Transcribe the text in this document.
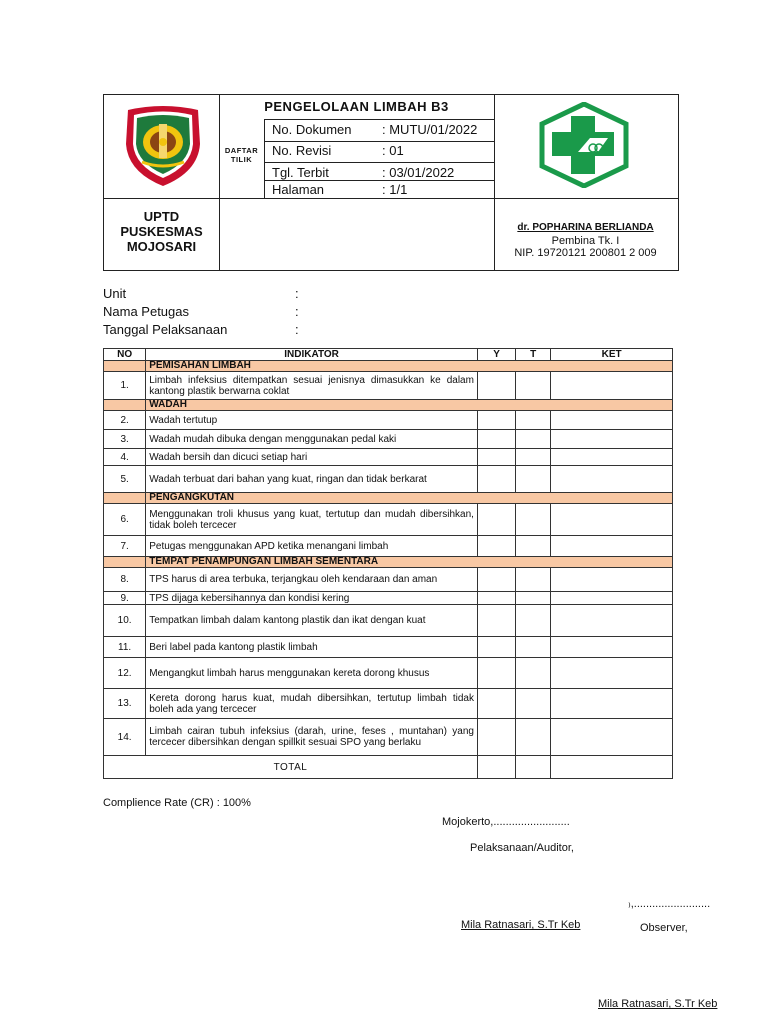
PENGELOLAAN LIMBAH B3
DAFTAR
TILIK
No. Dokumen : MUTU/01/2022
No. Revisi	: 01
Tgl. Terbit	: 03/01/2022
Halaman	: 1/1
UPTD
PUSKESMAS
MOJOSARI
dr. POPHARINA BERLIANDA
Pembina Tk. I
NIP. 19720121 200801 2 009
Unit
Nama Petugas
Tanggal Pelaksanaan
:
:
:
NO	INDIKATOR	Y	T	KET
	PEMISAHAN LIMBAH			
1.	Limbah infeksius ditempatkan sesuai jenisnya dimasukkan ke dalam kantong plastik berwarna coklat			
	WADAH			
2.	Wadah tertutup			
3.	Wadah mudah dibuka dengan menggunakan pedal kaki			
4.	Wadah bersih dan dicuci setiap hari			
5.	Wadah terbuat dari bahan yang kuat, ringan dan tidak berkarat			
	PENGANGKUTAN			
6.	Menggunakan troli khusus yang kuat, tertutup dan mudah dibersihkan, tidak boleh tercecer			
7.	Petugas menggunakan APD ketika menangani limbah			
	TEMPAT PENAMPUNGAN LIMBAH SEMENTARA			
8.	TPS harus di area terbuka, terjangkau oleh kendaraan dan aman			
9.	TPS dijaga kebersihannya dan kondisi kering			
10.	Tempatkan limbah dalam kantong plastik dan ikat dengan kuat			
11.	Beri label pada kantong plastik limbah			
12.	Mengangkut limbah harus menggunakan kereta dorong khusus			
13.	Kereta dorong harus kuat, mudah dibersihkan, tertutup limbah tidak boleh ada yang tercecer			
14.	Limbah cairan tubuh infeksius (darah, urine, feses , muntahan) yang tercecer dibersihkan dengan spillkit sesuai SPO yang berlaku			
TOTAL				
Complience Rate (CR) : 100%
Mojokerto,.........................
Pelaksanaan/Auditor,
₎,.........................
Mila Ratnasari, S.Tr Keb	Observer,
Mila Ratnasari, S.Tr Keb
